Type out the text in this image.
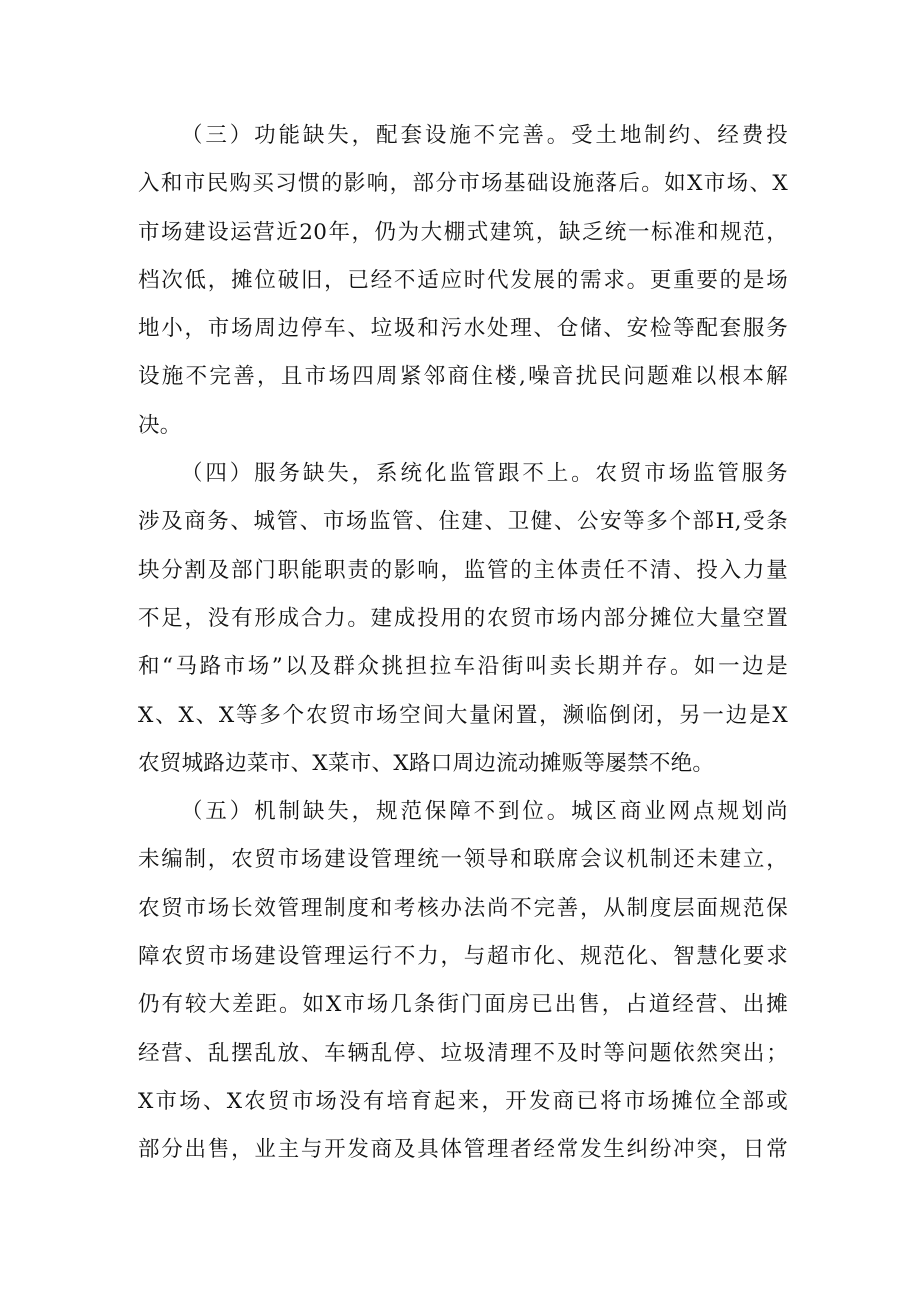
（三）功能缺失，配套设施不完善。受土地制约、经费投
入和市民购买习惯的影响，部分市场基础设施落后。如X市场、X
市场建设运营近20年，仍为大棚式建筑，缺乏统一标准和规范，
档次低，摊位破旧，已经不适应时代发展的需求。更重要的是场
地小，市场周边停车、垃圾和污水处理、仓储、安检等配套服务
设施不完善，且市场四周紧邻商住楼,噪音扰民问题难以根本解
决。
（四）服务缺失，系统化监管跟不上。农贸市场监管服务
涉及商务、城管、市场监管、住建、卫健、公安等多个部H,受条
块分割及部门职能职责的影响，监管的主体责任不清、投入力量
不足，没有形成合力。建成投用的农贸市场内部分摊位大量空置
和“马路市场”以及群众挑担拉车沿街叫卖长期并存。如一边是
X、X、X等多个农贸市场空间大量闲置，濒临倒闭，另一边是X
农贸城路边菜市、X菜市、X路口周边流动摊贩等屡禁不绝。
（五）机制缺失，规范保障不到位。城区商业网点规划尚
未编制，农贸市场建设管理统一领导和联席会议机制还未建立，
农贸市场长效管理制度和考核办法尚不完善，从制度层面规范保
障农贸市场建设管理运行不力，与超市化、规范化、智慧化要求
仍有较大差距。如X市场几条街门面房已出售，占道经营、出摊
经营、乱摆乱放、车辆乱停、垃圾清理不及时等问题依然突出；
X市场、X农贸市场没有培育起来，开发商已将市场摊位全部或
部分出售，业主与开发商及具体管理者经常发生纠纷冲突，日常
